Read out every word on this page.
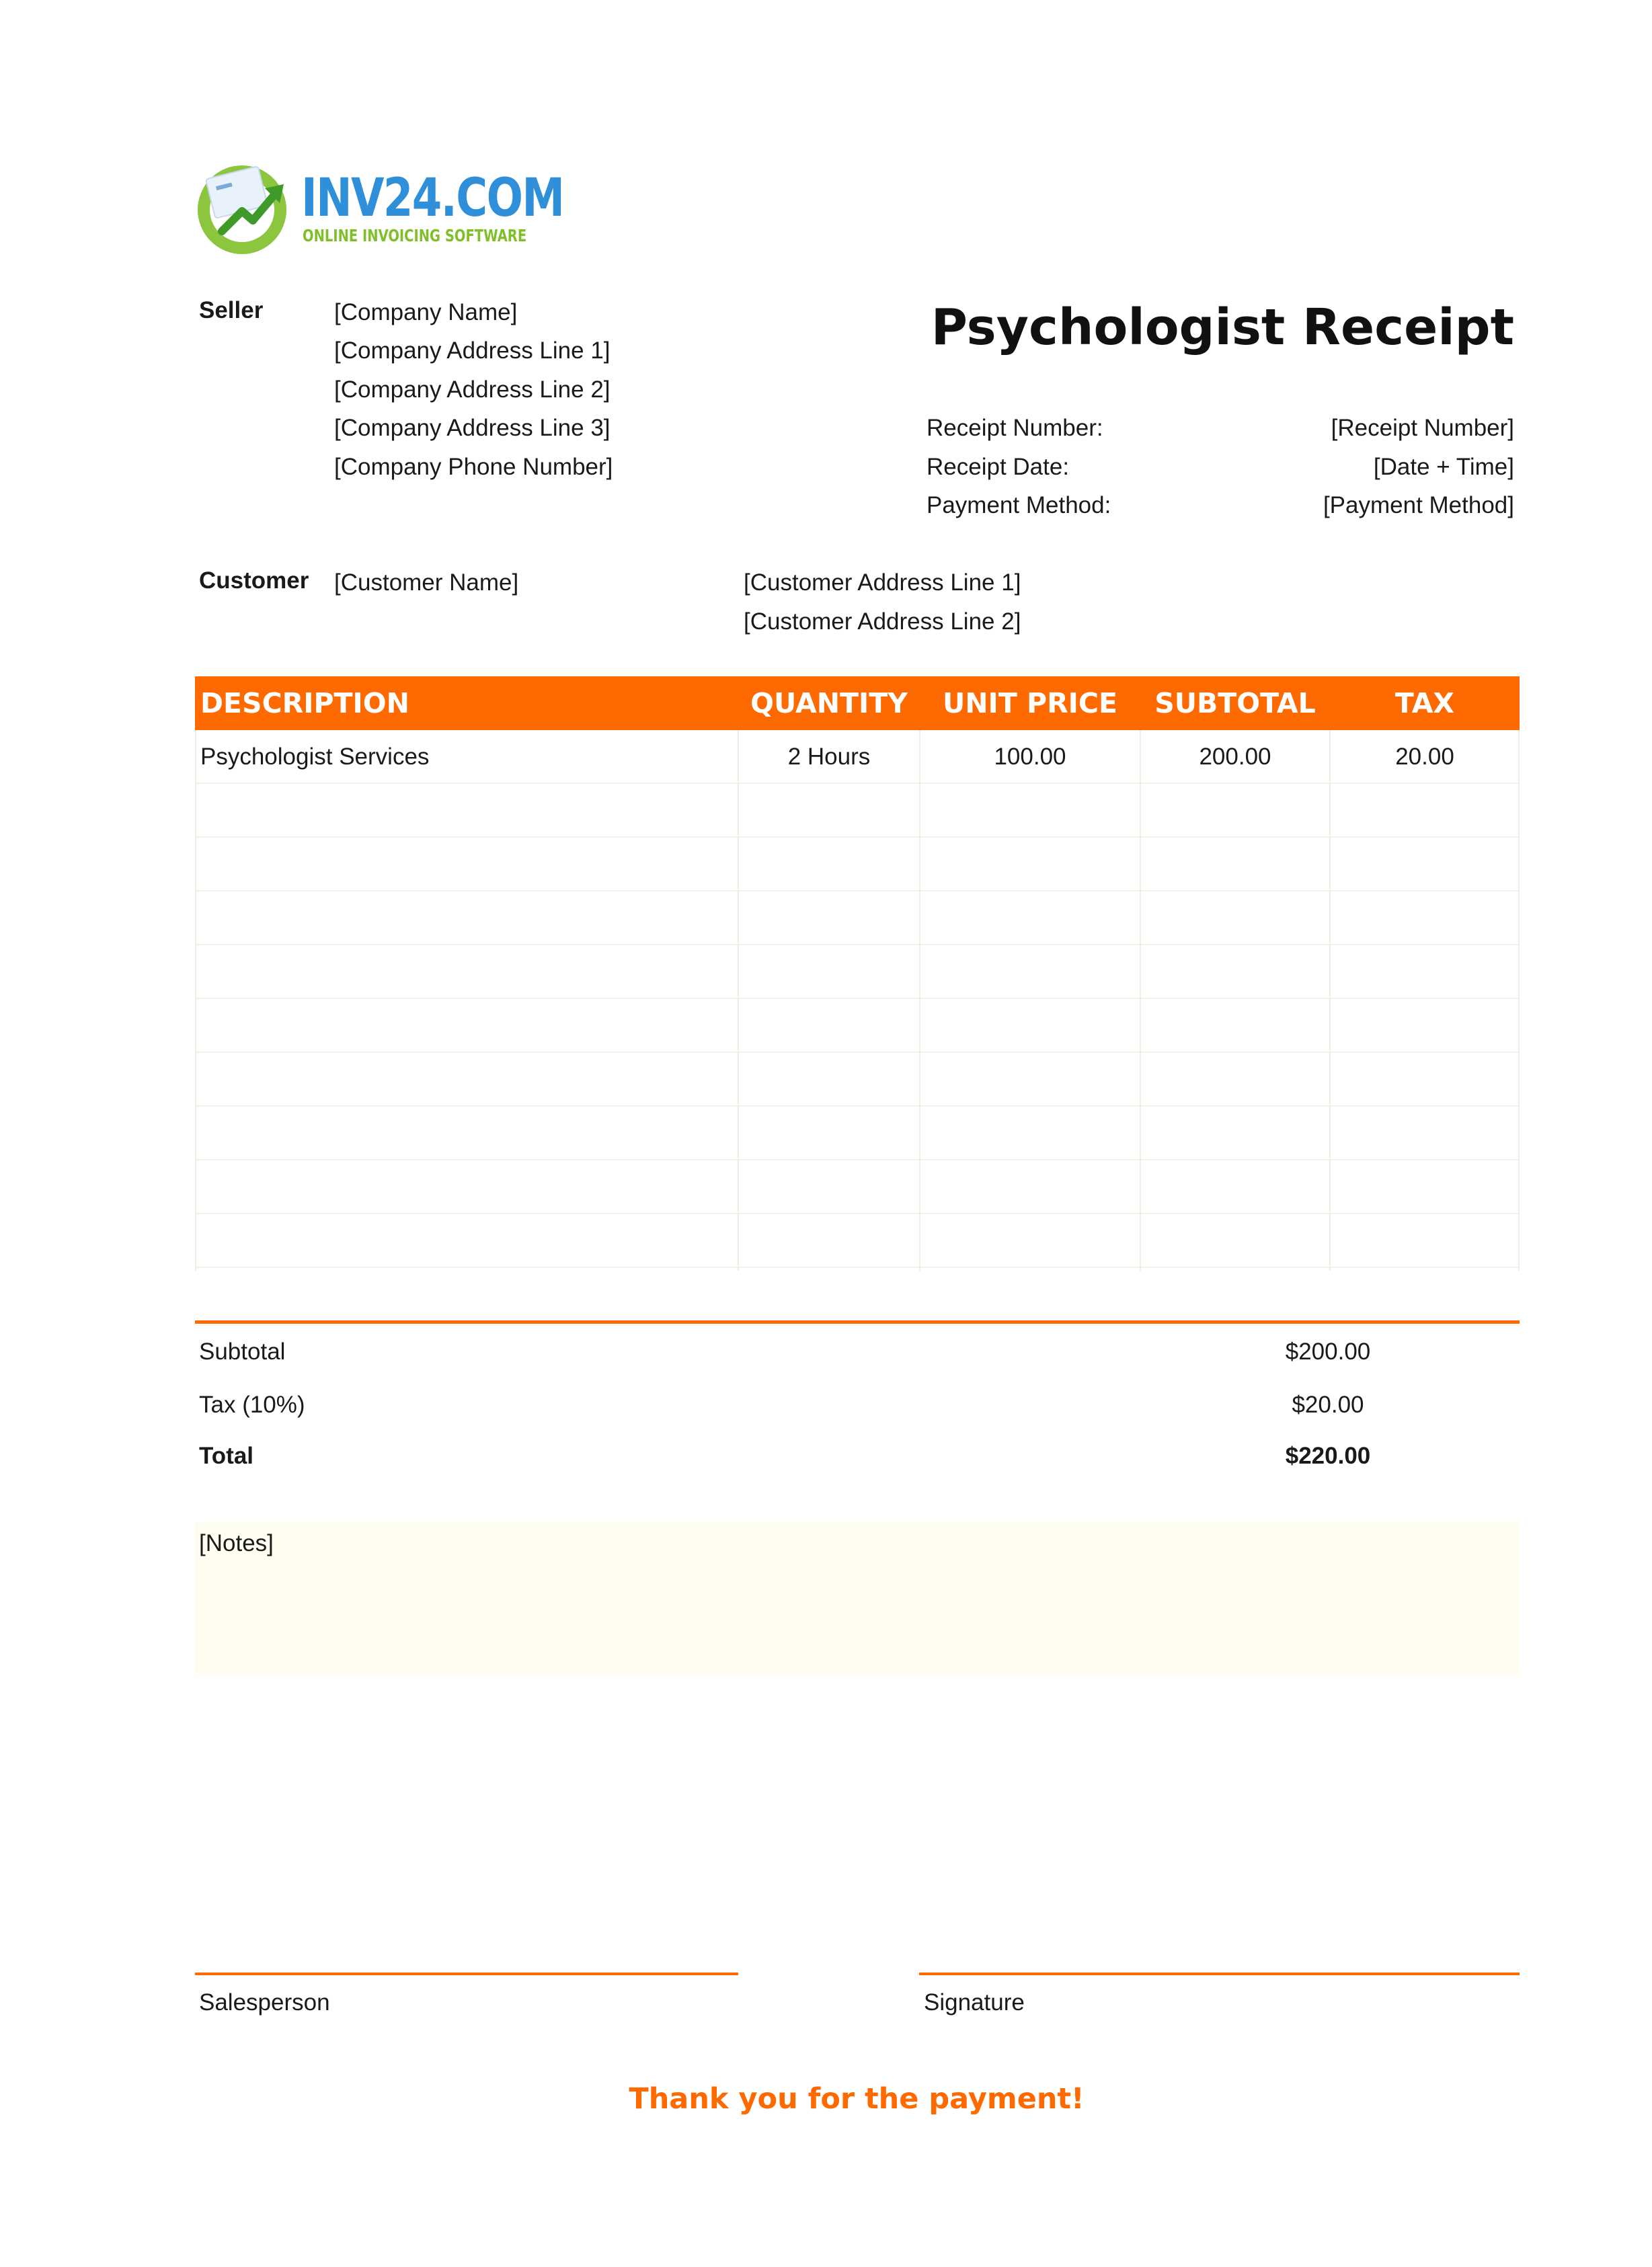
INV24.COM
ONLINE INVOICING SOFTWARE
Psychologist Receipt
Seller	[Company Name]
[Company Address Line 1]
[Company Address Line 2]
[Company Address Line 3]
[Company Phone Number]
Receipt Number:	[Receipt Number]
Receipt Date:	[Date + Time]
Payment Method:	[Payment Method]
Customer [Customer Name]	[Customer Address Line 1]
[Customer Address Line 2]
DESCRIPTION	QUANTITY	UNIT PRICE	SUBTOTAL	TAX
Psychologist Services	2 Hours	100.00	200.00	20.00
Subtotal	$200.00
Tax (10%)	$20.00
Total	$220.00
[Notes]
Salesperson	Signature
Thank you for the payment!
